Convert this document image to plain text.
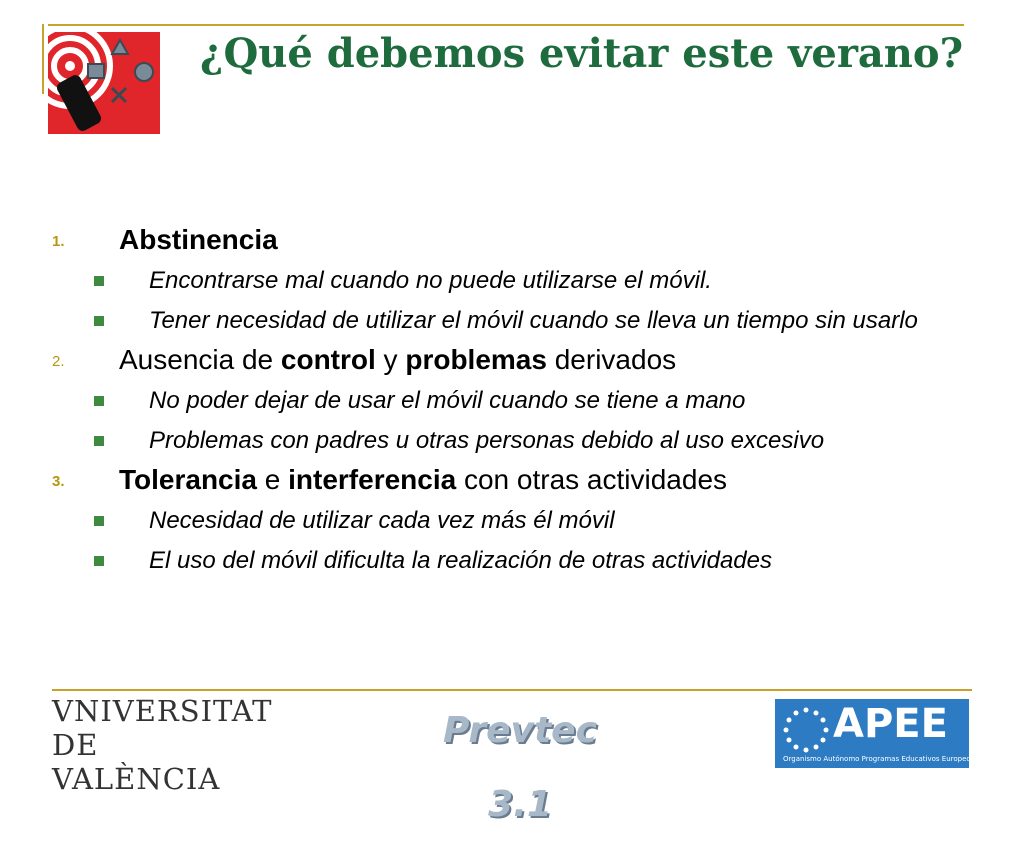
¿Qué debemos evitar este verano?
1.	Abstinencia
Encontrarse mal cuando no puede utilizarse el móvil.
Tener necesidad de utilizar el móvil cuando se lleva un tiempo sin usarlo
2.	Ausencia de control y problemas derivados
No poder dejar de usar el móvil cuando se tiene a mano
Problemas con padres u otras personas debido al uso excesivo
3.	Tolerancia e interferencia con otras actividades
Necesidad de utilizar cada vez más él móvil
El uso del móvil dificulta la realización de otras actividades
VNIVERSITAT
DE VALÈNCIA
Prevtec 3.1
APEE
Organismo Autónomo Programas Educativos Europeos
